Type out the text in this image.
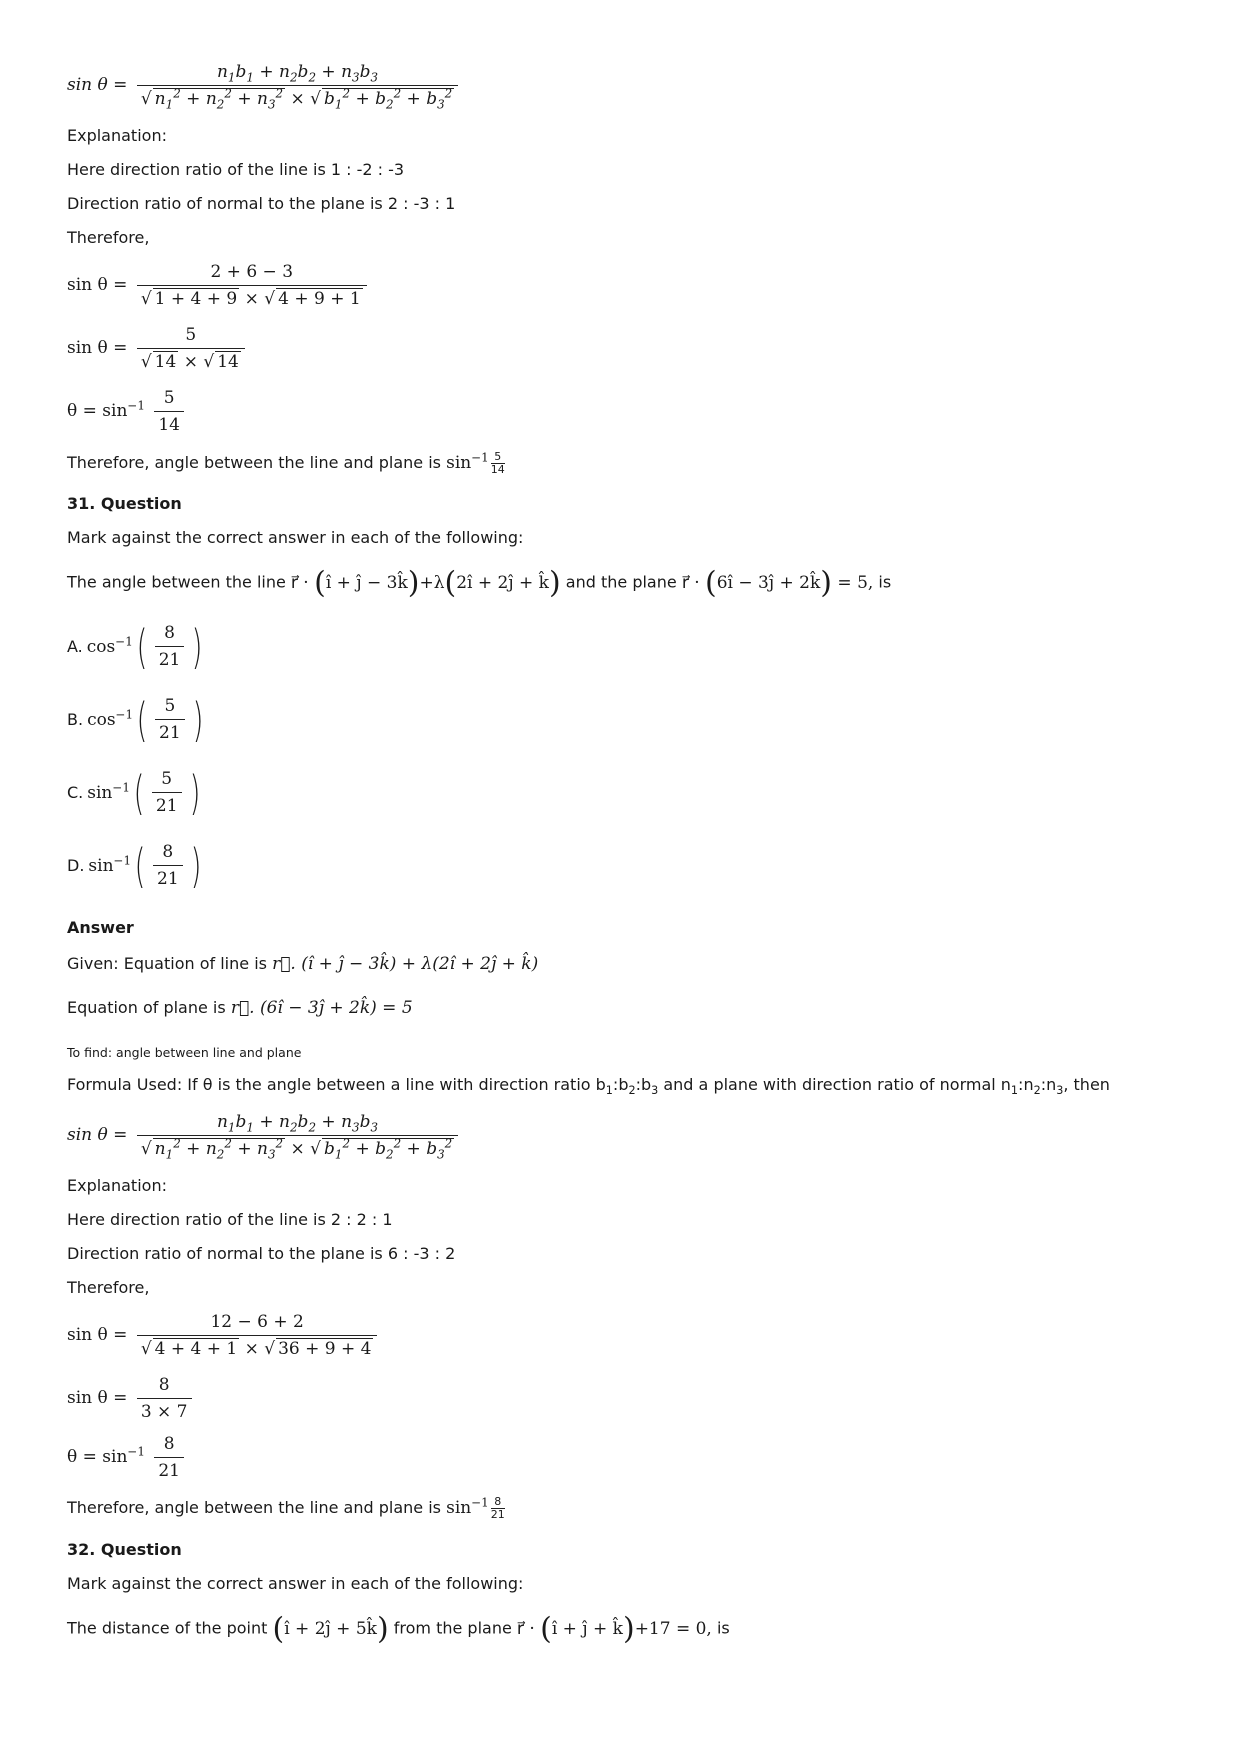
$\sin \theta = \frac{n_1b_1 + n_2b_2 + n_3b_3}{√ n_1^2 + n_2^2 + n_3^2 \times √ b_1^2 + b_2^2 + b_3^2}$
Explanation:
Here direction ratio of the line is 1 : -2 : -3
Direction ratio of normal to the plane is 2 : -3 : 1
Therefore,
$\sin \theta = \frac{2 + 6 - 3}{√ 1 + 4 + 9 \times √ 4 + 9 + 1}$
$\sin \theta = \frac{5}{√ 14 \times √ 14}$
$\theta = \sin^{-1} \frac{5}{14}$
Therefore, angle between the line and plane is $\sin^{-1} \frac{5}{14}$
31. Question
Mark against the correct answer in each of the following:
The angle between the line r⃗ · (î + ĵ − 3k̂)+λ(2î + 2ĵ + k̂) and the plane r⃗ · (6î − 3ĵ + 2k̂) = 5, is
A. $\cos^{-1}$ ( $\frac{8}{21}$ )
B. $\cos^{-1}$ ( $\frac{5}{21}$ )
C. $\sin^{-1}$ ( $\frac{5}{21}$ )
D. $\sin^{-1}$ ( $\frac{8}{21}$ )
Answer
Given: Equation of line is r⃗. (î + ĵ − 3k̂) + λ(2î + 2ĵ + k̂)
Equation of plane is r⃗. (6î − 3ĵ + 2k̂) = 5
To find: angle between line and plane
Formula Used: If θ is the angle between a line with direction ratio $b_1:b_2:b_3$ and a plane with direction ratio of normal $n_1:n_2:n_3$, then
$\sin \theta = \frac{n_1b_1 + n_2b_2 + n_3b_3}{√ n_1^2 + n_2^2 + n_3^2 \times √ b_1^2 + b_2^2 + b_3^2}$
Explanation:
Here direction ratio of the line is 2 : 2 : 1
Direction ratio of normal to the plane is 6 : -3 : 2
Therefore,
$\sin \theta = \frac{12 - 6 + 2}{√ 4 + 4 + 1 \times √ 36 + 9 + 4}$
$\sin \theta = \frac{8}{3 \times 7}$
$\theta = \sin^{-1} \frac{8}{21}$
Therefore, angle between the line and plane is $\sin^{-1} \frac{8}{21}$
32. Question
Mark against the correct answer in each of the following:
The distance of the point (î + 2ĵ + 5k̂) from the plane r⃗ · (î + ĵ + k̂)+17 = 0, is
